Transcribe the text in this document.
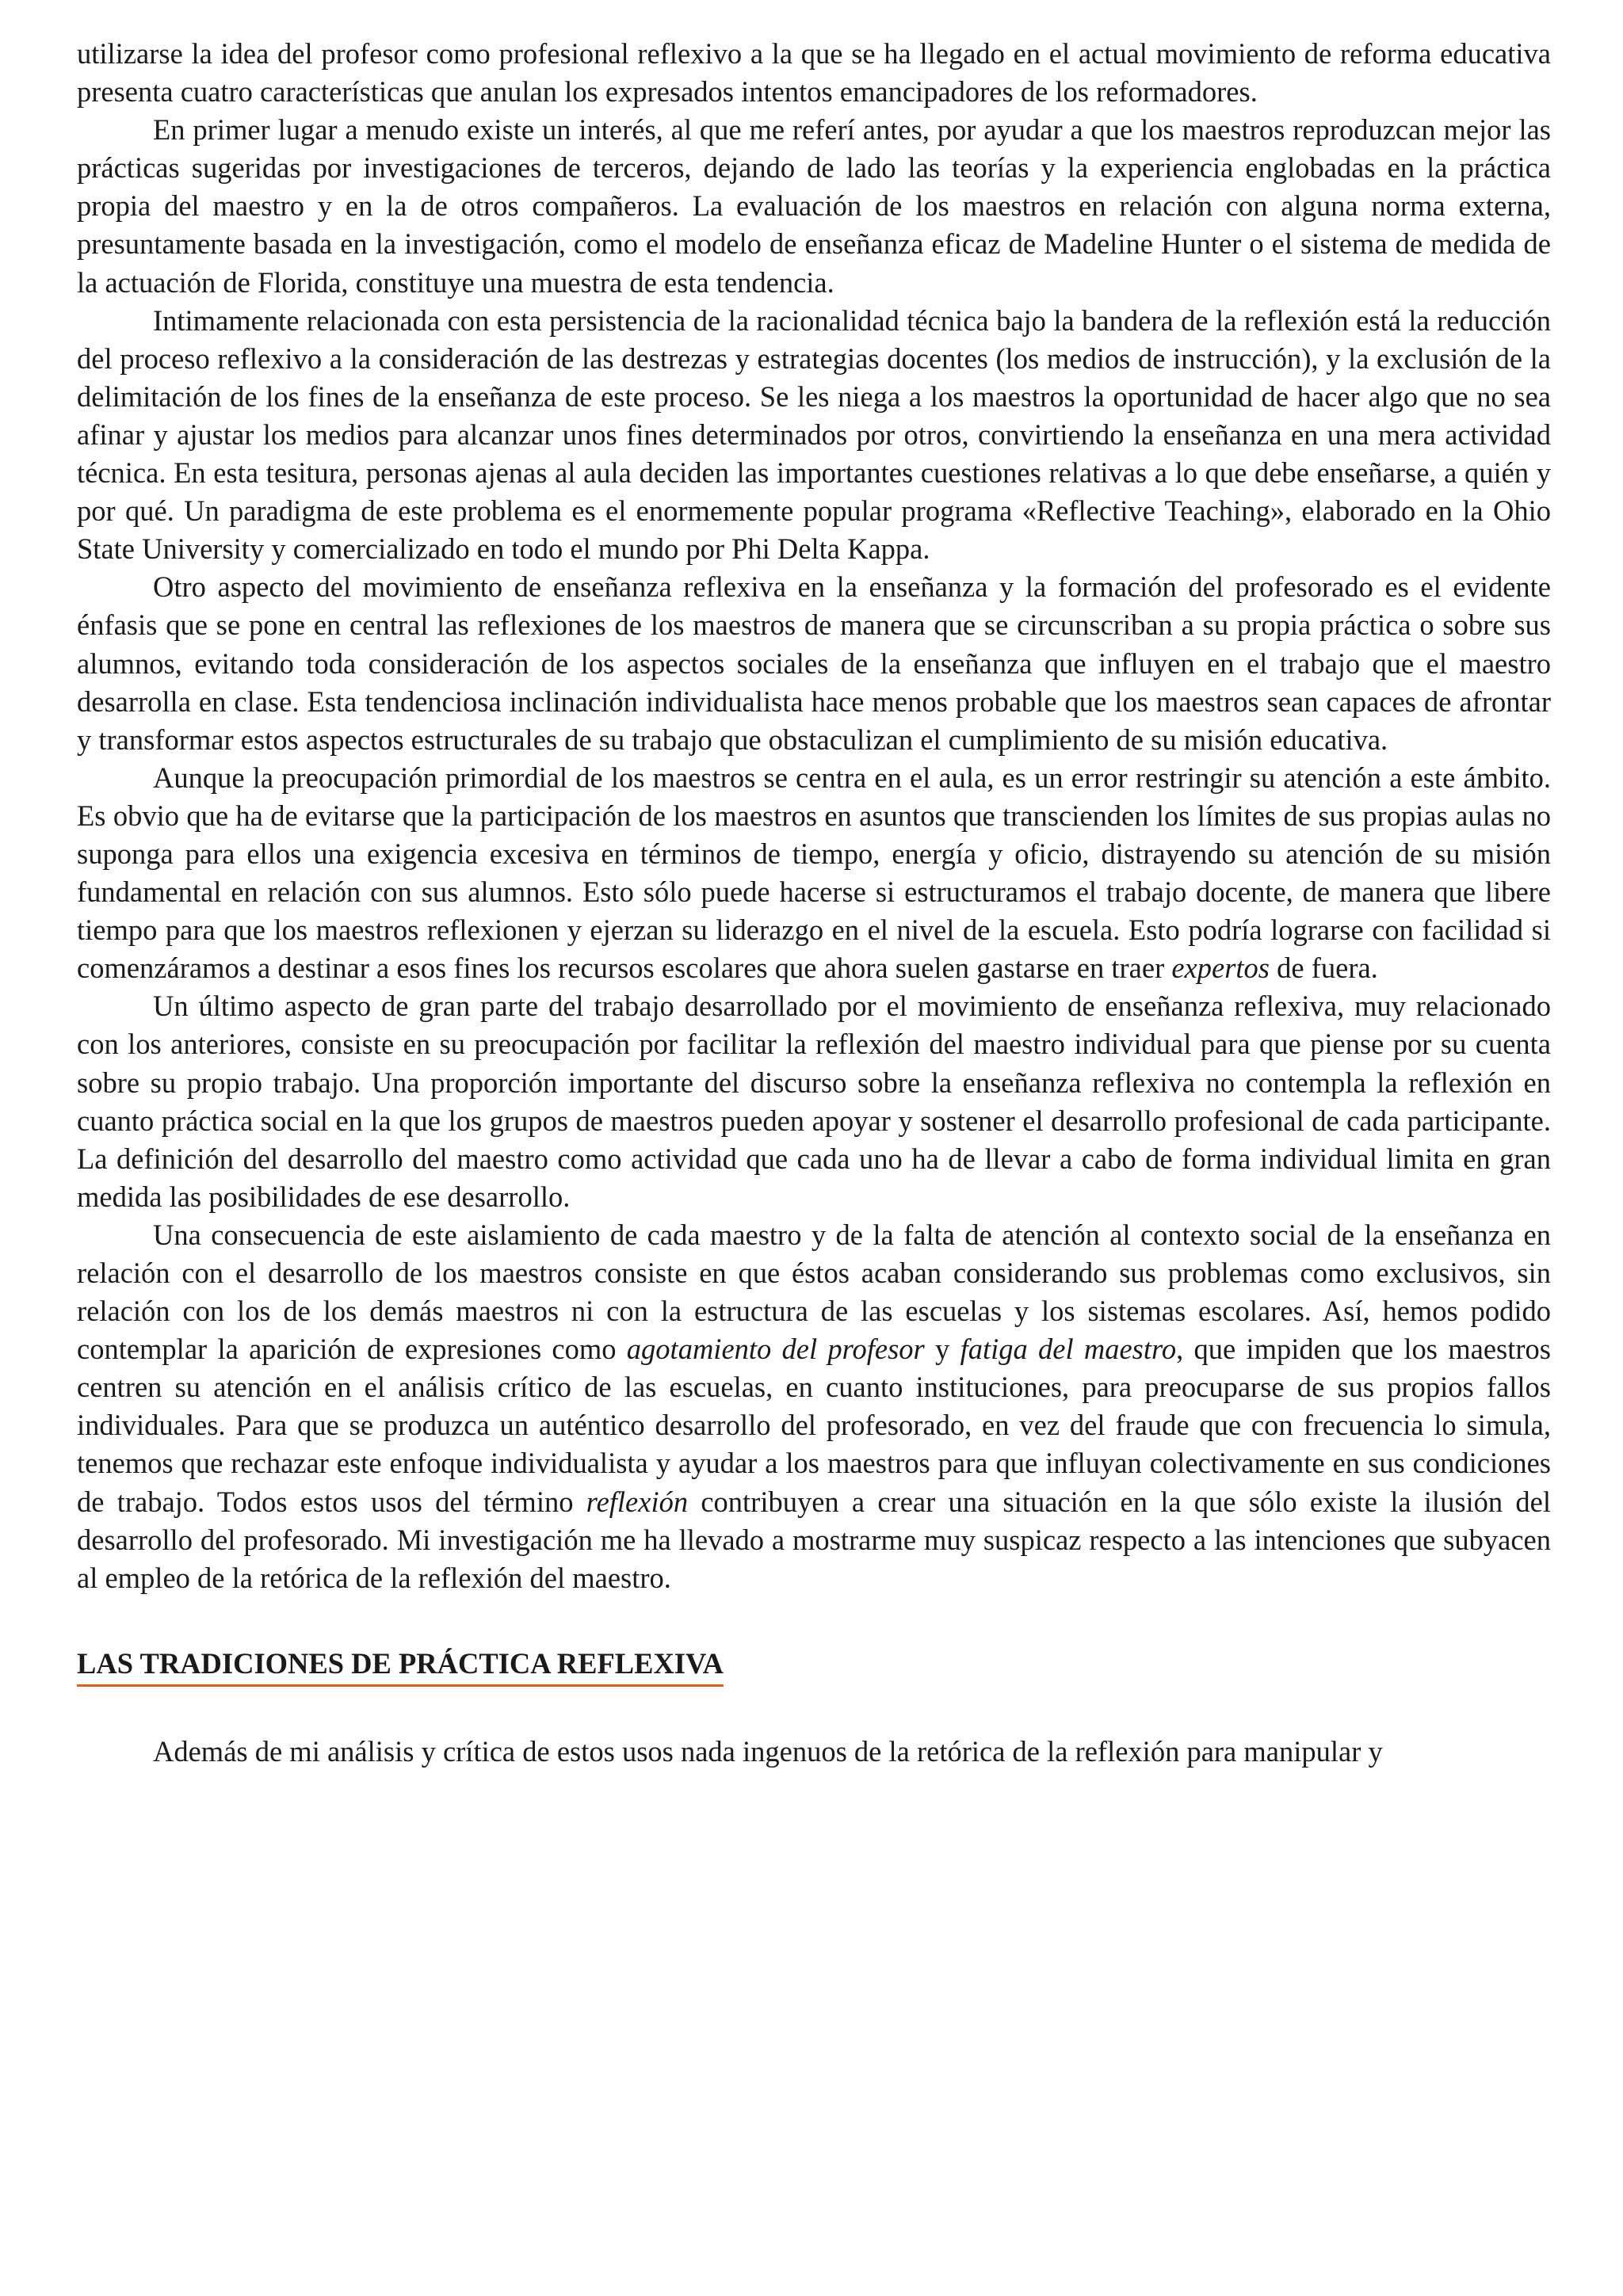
utilizarse la idea del profesor como profesional reflexivo a la que se ha llegado en el actual movimiento de reforma educativa presenta cuatro características que anulan los expresados intentos emancipadores de los reformadores.

En primer lugar a menudo existe un interés, al que me referí antes, por ayudar a que los maestros reproduzcan mejor las prácticas sugeridas por investigaciones de terceros, dejando de lado las teorías y la experiencia englobadas en la práctica propia del maestro y en la de otros compañeros. La evaluación de los maestros en relación con alguna norma externa, presuntamente basada en la investigación, como el modelo de enseñanza eficaz de Madeline Hunter o el sistema de medida de la actuación de Florida, constituye una muestra de esta tendencia.

Intimamente relacionada con esta persistencia de la racionalidad técnica bajo la bandera de la reflexión está la reducción del proceso reflexivo a la consideración de las destrezas y estrategias docentes (los medios de instrucción), y la exclusión de la delimitación de los fines de la enseñanza de este proceso. Se les niega a los maestros la oportunidad de hacer algo que no sea afinar y ajustar los medios para alcanzar unos fines determinados por otros, convirtiendo la enseñanza en una mera actividad técnica. En esta tesitura, personas ajenas al aula deciden las importantes cuestiones relativas a lo que debe enseñarse, a quién y por qué. Un paradigma de este problema es el enormemente popular programa «Reflective Teaching», elaborado en la Ohio State University y comercializado en todo el mundo por Phi Delta Kappa.

Otro aspecto del movimiento de enseñanza reflexiva en la enseñanza y la formación del profesorado es el evidente énfasis que se pone en central las reflexiones de los maestros de manera que se circunscriban a su propia práctica o sobre sus alumnos, evitando toda consideración de los aspectos sociales de la enseñanza que influyen en el trabajo que el maestro desarrolla en clase. Esta tendenciosa inclinación individualista hace menos probable que los maestros sean capaces de afrontar y transformar estos aspectos estructurales de su trabajo que obstaculizan el cumplimiento de su misión educativa.

Aunque la preocupación primordial de los maestros se centra en el aula, es un error restringir su atención a este ámbito. Es obvio que ha de evitarse que la participación de los maestros en asuntos que transcienden los límites de sus propias aulas no suponga para ellos una exigencia excesiva en términos de tiempo, energía y oficio, distrayendo su atención de su misión fundamental en relación con sus alumnos. Esto sólo puede hacerse si estructuramos el trabajo docente, de manera que libere tiempo para que los maestros reflexionen y ejerzan su liderazgo en el nivel de la escuela. Esto podría lograrse con facilidad si comenzáramos a destinar a esos fines los recursos escolares que ahora suelen gastarse en traer expertos de fuera.

Un último aspecto de gran parte del trabajo desarrollado por el movimiento de enseñanza reflexiva, muy relacionado con los anteriores, consiste en su preocupación por facilitar la reflexión del maestro individual para que piense por su cuenta sobre su propio trabajo. Una proporción importante del discurso sobre la enseñanza reflexiva no contempla la reflexión en cuanto práctica social en la que los grupos de maestros pueden apoyar y sostener el desarrollo profesional de cada participante. La definición del desarrollo del maestro como actividad que cada uno ha de llevar a cabo de forma individual limita en gran medida las posibilidades de ese desarrollo.

Una consecuencia de este aislamiento de cada maestro y de la falta de atención al contexto social de la enseñanza en relación con el desarrollo de los maestros consiste en que éstos acaban considerando sus problemas como exclusivos, sin relación con los de los demás maestros ni con la estructura de las escuelas y los sistemas escolares. Así, hemos podido contemplar la aparición de expresiones como agotamiento del profesor y fatiga del maestro, que impiden que los maestros centren su atención en el análisis crítico de las escuelas, en cuanto instituciones, para preocuparse de sus propios fallos individuales. Para que se produzca un auténtico desarrollo del profesorado, en vez del fraude que con frecuencia lo simula, tenemos que rechazar este enfoque individualista y ayudar a los maestros para que influyan colectivamente en sus condiciones de trabajo. Todos estos usos del término reflexión contribuyen a crear una situación en la que sólo existe la ilusión del desarrollo del profesorado. Mi investigación me ha llevado a mostrarme muy suspicaz respecto a las intenciones que subyacen al empleo de la retórica de la reflexión del maestro.

LAS TRADICIONES DE PRÁCTICA REFLEXIVA

Además de mi análisis y crítica de estos usos nada ingenuos de la retórica de la reflexión para manipular y
